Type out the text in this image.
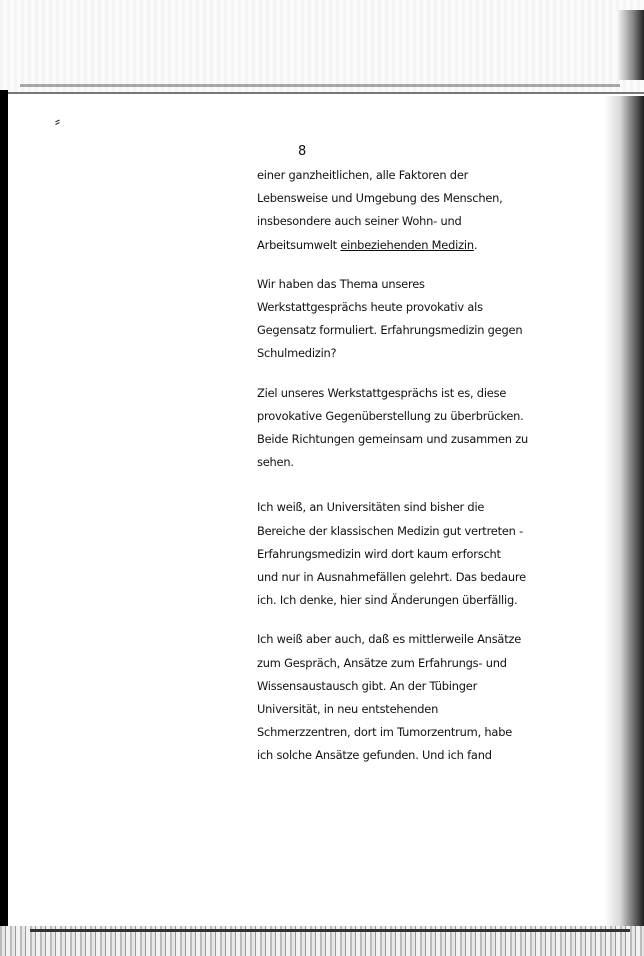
⸗
8
einer ganzheitlichen, alle Faktoren der
Lebensweise und Umgebung des Menschen,
insbesondere auch seiner Wohn- und
Arbeitsumwelt einbeziehenden Medizin.
Wir haben das Thema unseres
Werkstattgesprächs heute provokativ als
Gegensatz formuliert. Erfahrungsmedizin gegen
Schulmedizin?
Ziel unseres Werkstattgesprächs ist es, diese
provokative Gegenüberstellung zu überbrücken.
Beide Richtungen gemeinsam und zusammen zu
sehen.
Ich weiß, an Universitäten sind bisher die
Bereiche der klassischen Medizin gut vertreten -
Erfahrungsmedizin wird dort kaum erforscht
und nur in Ausnahmefällen gelehrt. Das bedaure
ich. Ich denke, hier sind Änderungen überfällig.
Ich weiß aber auch, daß es mittlerweile Ansätze
zum Gespräch, Ansätze zum Erfahrungs- und
Wissensaustausch gibt. An der Tübinger
Universität, in neu entstehenden
Schmerzzentren, dort im Tumorzentrum, habe
ich solche Ansätze gefunden. Und ich fand
